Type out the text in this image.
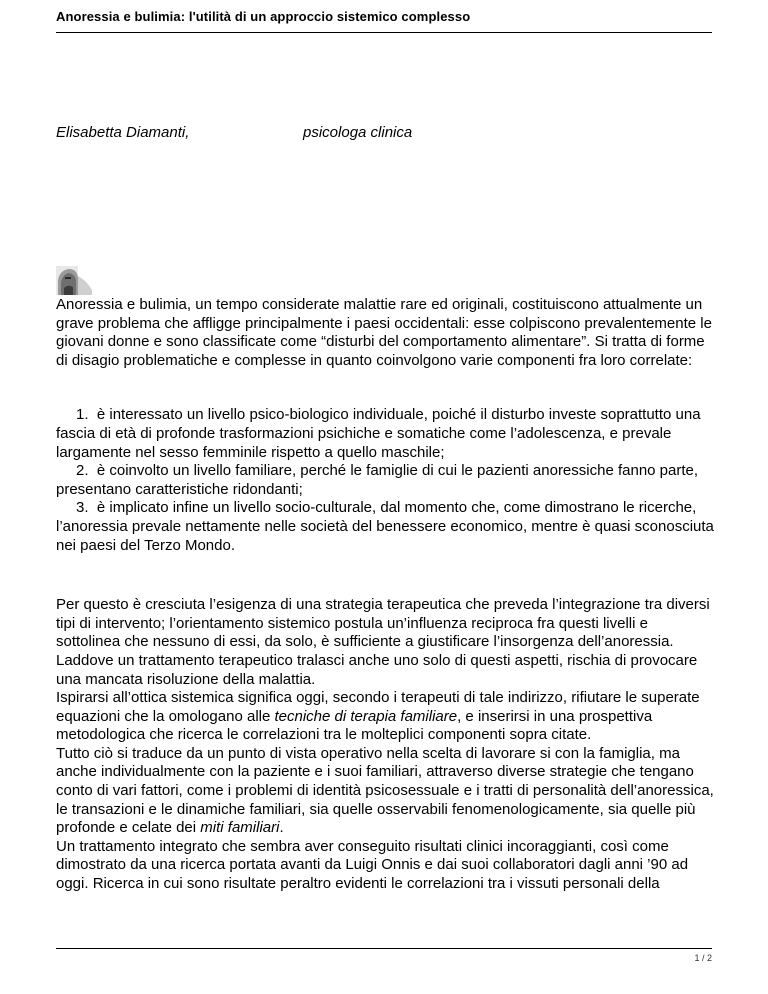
Anoressia e bulimia: l'utilità di un approccio sistemico complesso
Elisabetta Diamanti,	psicologa clinica

Anoressia e bulimia, un tempo considerate malattie rare ed originali, costituiscono attualmente un grave problema che affligge principalmente i paesi occidentali: esse colpiscono prevalentemente le giovani donne e sono classificate come “disturbi del comportamento alimentare”. Si tratta di forme di disagio problematiche e complesse in quanto coinvolgono varie componenti fra loro correlate:

1. è interessato un livello psico-biologico individuale, poiché il disturbo investe soprattutto una fascia di età di profonde trasformazioni psichiche e somatiche come l’adolescenza, e prevale largamente nel sesso femminile rispetto a quello maschile;

2. è coinvolto un livello familiare, perché le famiglie di cui le pazienti anoressiche fanno parte, presentano caratteristiche ridondanti;

3. è implicato infine un livello socio-culturale, dal momento che, come dimostrano le ricerche, l’anoressia prevale nettamente nelle società del benessere economico, mentre è quasi sconosciuta nei paesi del Terzo Mondo.

Per questo è cresciuta l’esigenza di una strategia terapeutica che preveda l’integrazione tra diversi tipi di intervento; l’orientamento sistemico postula un’influenza reciproca fra questi livelli e sottolinea che nessuno di essi, da solo, è sufficiente a giustificare l’insorgenza dell’anoressia. Laddove un trattamento terapeutico tralasci anche uno solo di questi aspetti, rischia di provocare una mancata risoluzione della malattia.

Ispirarsi all’ottica sistemica significa oggi, secondo i terapeuti di tale indirizzo, rifiutare le superate equazioni che la omologano alle tecniche di terapia familiare, e inserirsi in una prospettiva metodologica che ricerca le correlazioni tra le molteplici componenti sopra citate.

Tutto ciò si traduce da un punto di vista operativo nella scelta di lavorare si con la famiglia, ma anche individualmente con la paziente e i suoi familiari, attraverso diverse strategie che tengano conto di vari fattori, come i problemi di identità psicosessuale e i tratti di personalità dell’anoressica, le transazioni e le dinamiche familiari, sia quelle osservabili fenomenologicamente, sia quelle più profonde e celate dei miti familiari.

Un trattamento integrato che sembra aver conseguito risultati clinici incoraggianti, così come dimostrato da una ricerca portata avanti da Luigi Onnis e dai suoi collaboratori dagli anni ’90 ad oggi. Ricerca in cui sono risultate peraltro evidenti le correlazioni tra i vissuti personali della

1 / 2
